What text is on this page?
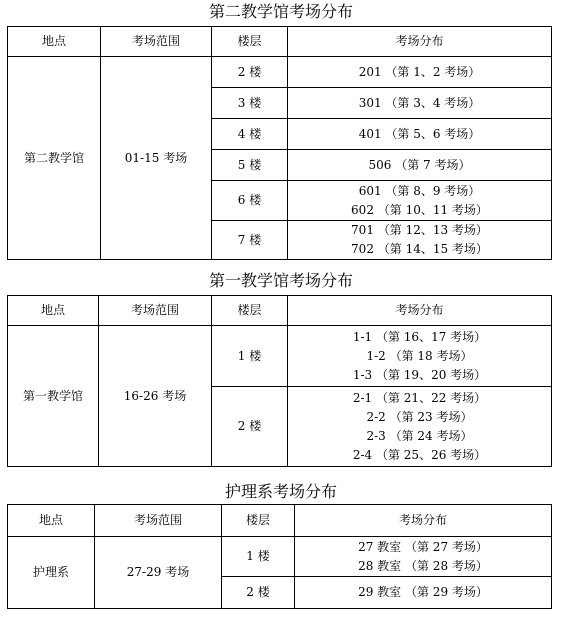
第二教学馆考场分布
地点	考场范围	楼层	考场分布
第二教学馆	01-15 考场	2 楼	201 （第 1、2 考场）

		3 楼	301 （第 3、4 考场）

		4 楼	401 （第 5、6 考场）

		5 楼	506 （第 7 考场）

		6 楼	601 （第 8、9 考场）
602 （第 10、11 考场）

		7 楼	701 （第 12、13 考场）
702 （第 14、15 考场）
第一教学馆考场分布
地点	考场范围	楼层	考场分布
第一教学馆	16-26 考场	1 楼	1-1 （第 16、17 考场）
1-2 （第 18 考场）
1-3 （第 19、20 考场）

		2 楼	2-1 （第 21、22 考场）
2-2 （第 23 考场）
2-3 （第 24 考场）
2-4 （第 25、26 考场）
护理系考场分布
地点	考场范围	楼层	考场分布
护理系	27-29 考场	1 楼	27 教室 （第 27 考场）
28 教室 （第 28 考场）

		2 楼	29 教室 （第 29 考场）
